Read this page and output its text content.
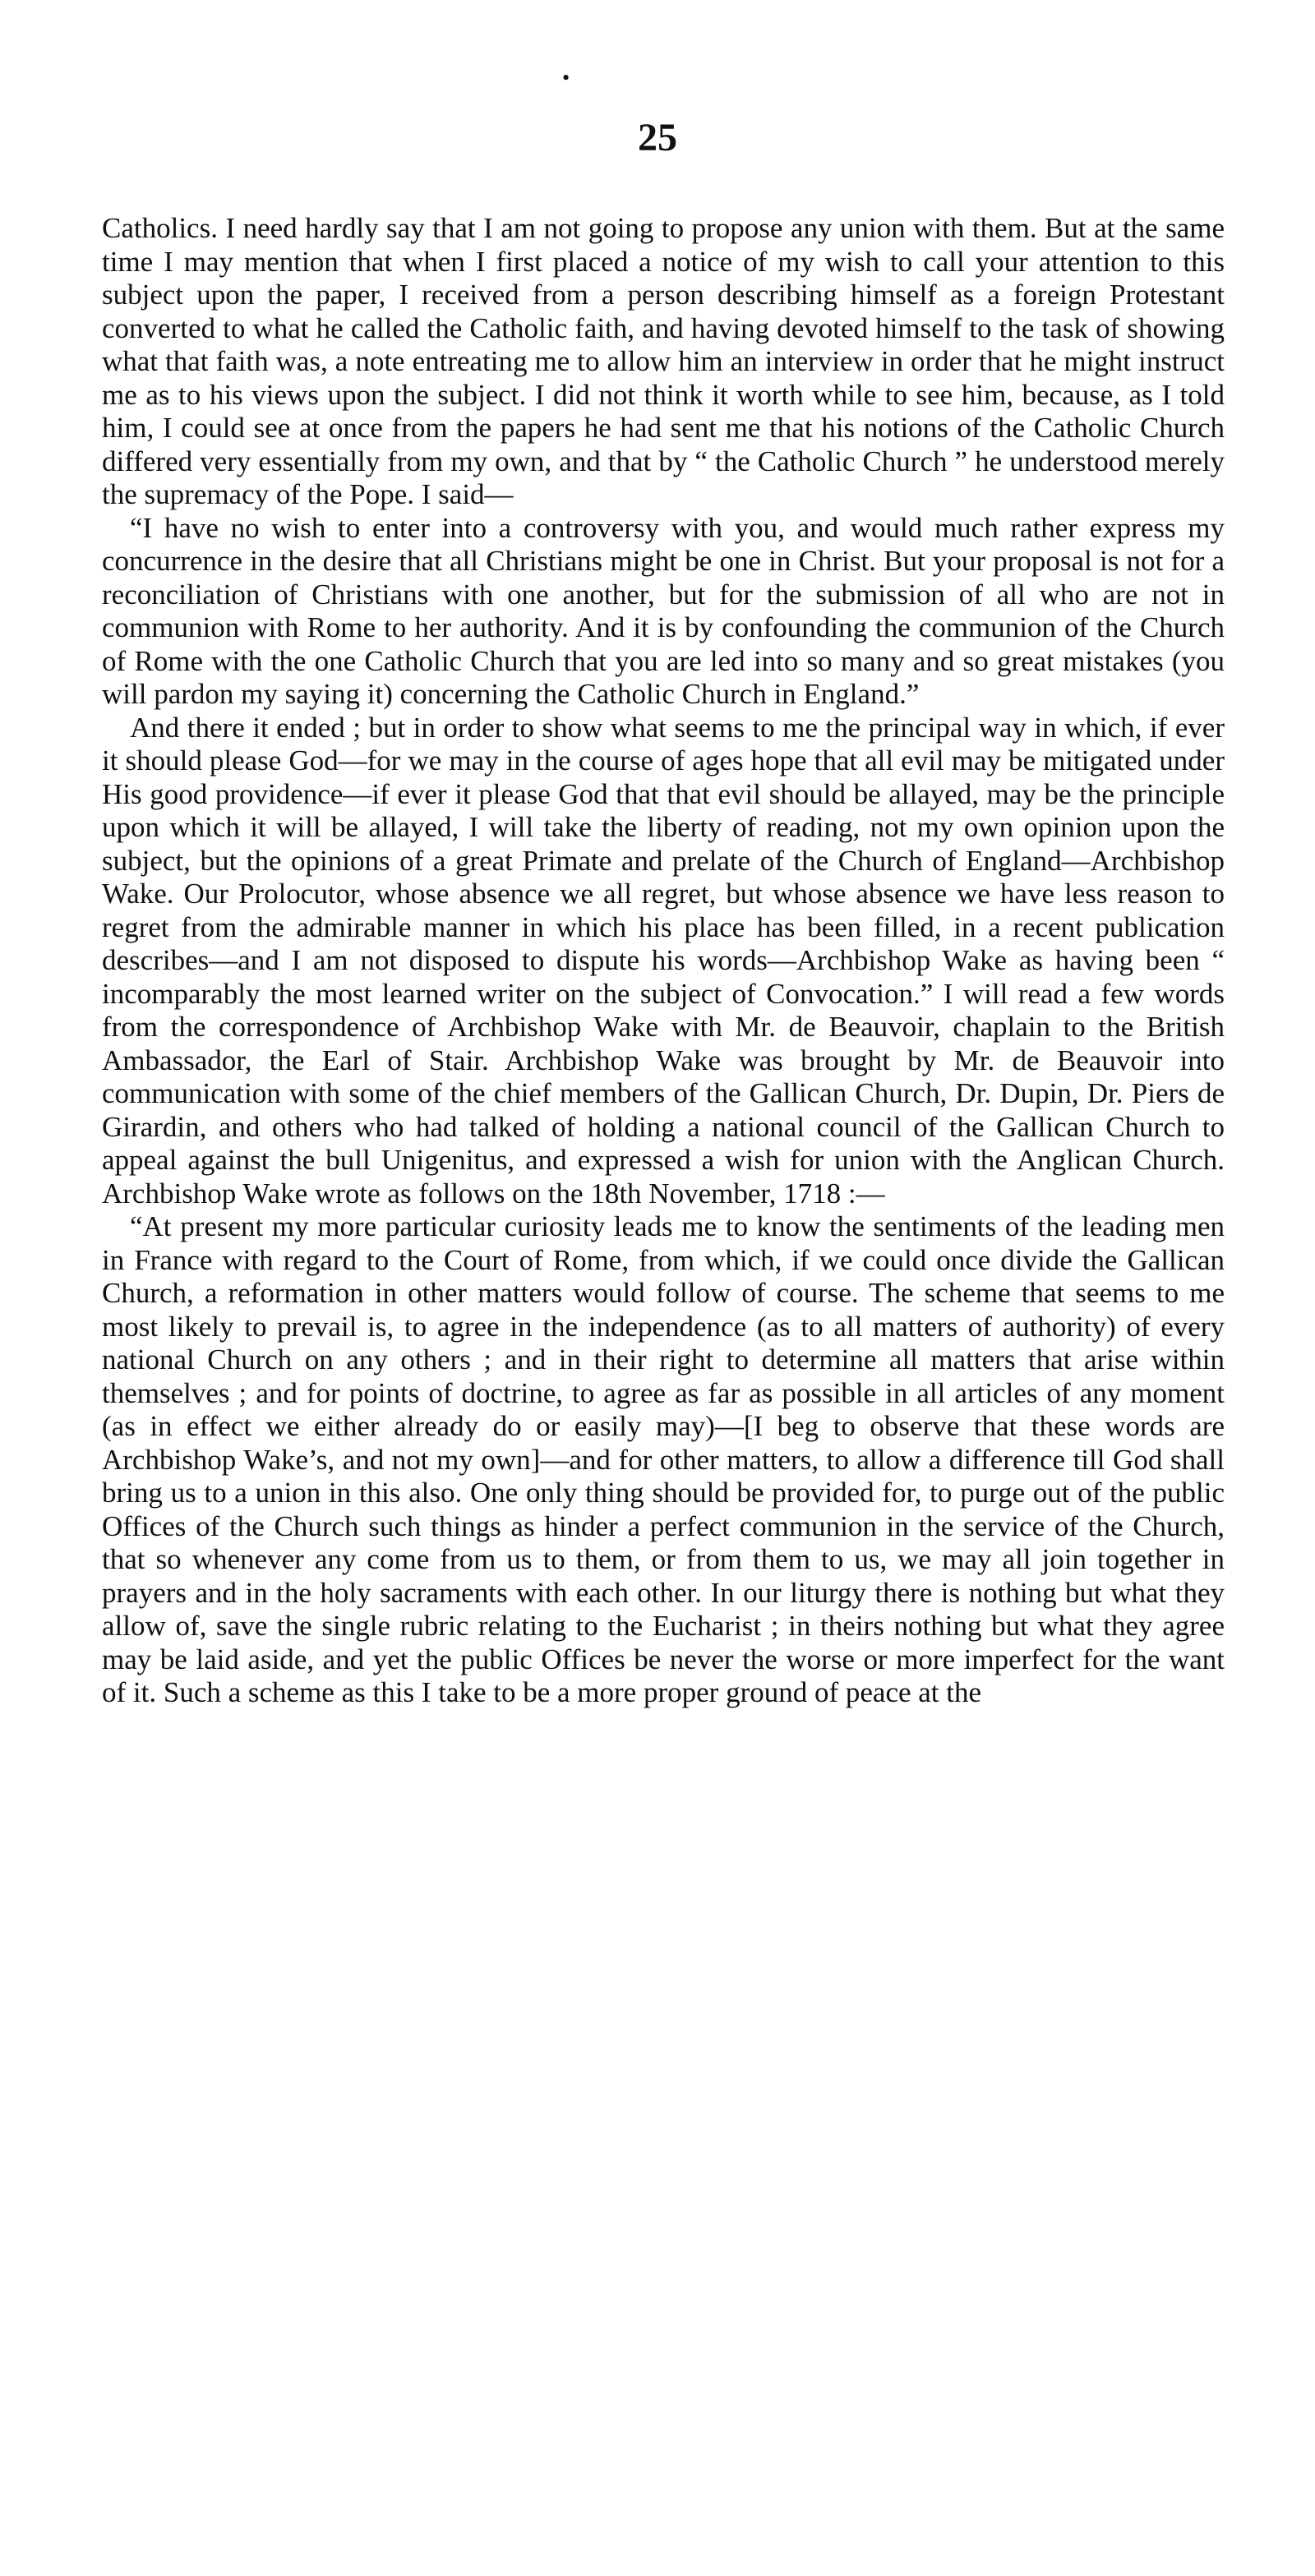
•
25

Catholics. I need hardly say that I am not going to propose any union with them. But at the same time I may mention that when I first placed a notice of my wish to call your attention to this subject upon the paper, I received from a person describing himself as a foreign Protestant converted to what he called the Catholic faith, and having devoted himself to the task of showing what that faith was, a note entreating me to allow him an interview in order that he might instruct me as to his views upon the subject. I did not think it worth while to see him, because, as I told him, I could see at once from the papers he had sent me that his notions of the Catholic Church differed very essentially from my own, and that by “ the Catholic Church ” he understood merely the supremacy of the Pope. I said—

“I have no wish to enter into a controversy with you, and would much rather express my concurrence in the desire that all Christians might be one in Christ. But your proposal is not for a reconciliation of Christians with one another, but for the submission of all who are not in communion with Rome to her authority. And it is by confounding the communion of the Church of Rome with the one Catholic Church that you are led into so many and so great mistakes (you will pardon my saying it) concerning the Catholic Church in England.”

And there it ended ; but in order to show what seems to me the principal way in which, if ever it should please God—for we may in the course of ages hope that all evil may be mitigated under His good providence—if ever it please God that that evil should be allayed, may be the principle upon which it will be allayed, I will take the liberty of reading, not my own opinion upon the subject, but the opinions of a great Primate and prelate of the Church of England—Archbishop Wake. Our Prolocutor, whose absence we all regret, but whose absence we have less reason to regret from the admirable manner in which his place has been filled, in a recent publication describes—and I am not disposed to dispute his words—Archbishop Wake as having been “ incomparably the most learned writer on the subject of Convocation.” I will read a few words from the correspondence of Archbishop Wake with Mr. de Beauvoir, chaplain to the British Ambassador, the Earl of Stair. Archbishop Wake was brought by Mr. de Beauvoir into communication with some of the chief members of the Gallican Church, Dr. Dupin, Dr. Piers de Girardin, and others who had talked of holding a national council of the Gallican Church to appeal against the bull Unigenitus, and expressed a wish for union with the Anglican Church. Archbishop Wake wrote as follows on the 18th November, 1718 :—

“At present my more particular curiosity leads me to know the sentiments of the leading men in France with regard to the Court of Rome, from which, if we could once divide the Gallican Church, a reformation in other matters would follow of course. The scheme that seems to me most likely to prevail is, to agree in the independence (as to all matters of authority) of every national Church on any others ; and in their right to determine all matters that arise within themselves ; and for points of doctrine, to agree as far as possible in all articles of any moment (as in effect we either already do or easily may)—[I beg to observe that these words are Archbishop Wake’s, and not my own]—and for other matters, to allow a difference till God shall bring us to a union in this also. One only thing should be provided for, to purge out of the public Offices of the Church such things as hinder a perfect communion in the service of the Church, that so whenever any come from us to them, or from them to us, we may all join together in prayers and in the holy sacraments with each other. In our liturgy there is nothing but what they allow of, save the single rubric relating to the Eucharist ; in theirs nothing but what they agree may be laid aside, and yet the public Offices be never the worse or more imperfect for the want of it. Such a scheme as this I take to be a more proper ground of peace at the
